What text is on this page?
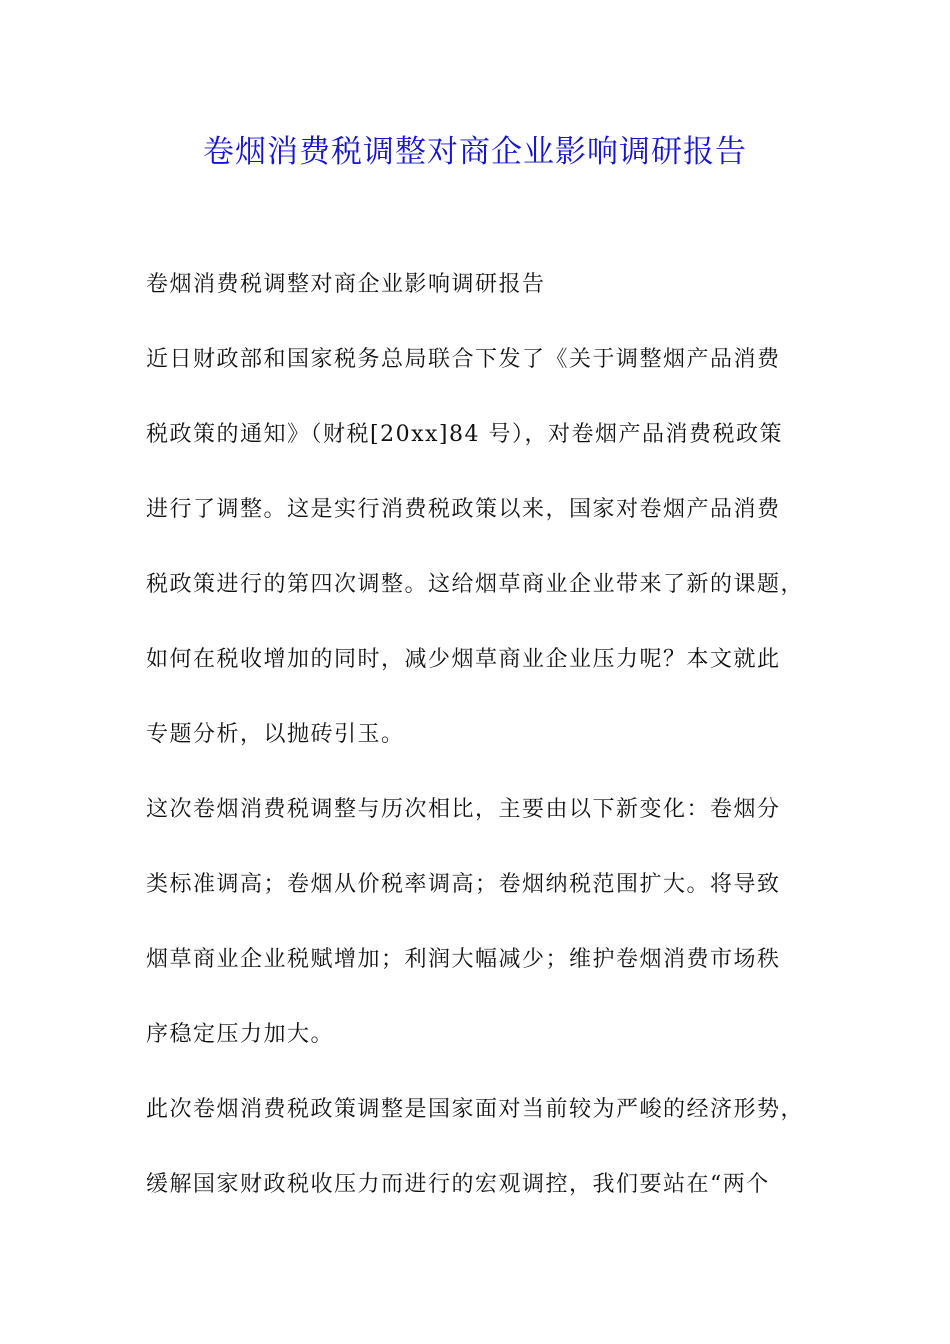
卷烟消费税调整对商企业影响调研报告
卷烟消费税调整对商企业影响调研报告
近日财政部和国家税务总局联合下发了《关于调整烟产品消费
税政策的通知》（财税[20xx]84 号），对卷烟产品消费税政策
进行了调整。这是实行消费税政策以来，国家对卷烟产品消费
税政策进行的第四次调整。这给烟草商业企业带来了新的课题，
如何在税收增加的同时，减少烟草商业企业压力呢？本文就此
专题分析，以抛砖引玉。
这次卷烟消费税调整与历次相比，主要由以下新变化：卷烟分
类标准调高；卷烟从价税率调高；卷烟纳税范围扩大。将导致
烟草商业企业税赋增加；利润大幅减少；维护卷烟消费市场秩
序稳定压力加大。
此次卷烟消费税政策调整是国家面对当前较为严峻的经济形势，
缓解国家财政税收压力而进行的宏观调控，我们要站在“两个
